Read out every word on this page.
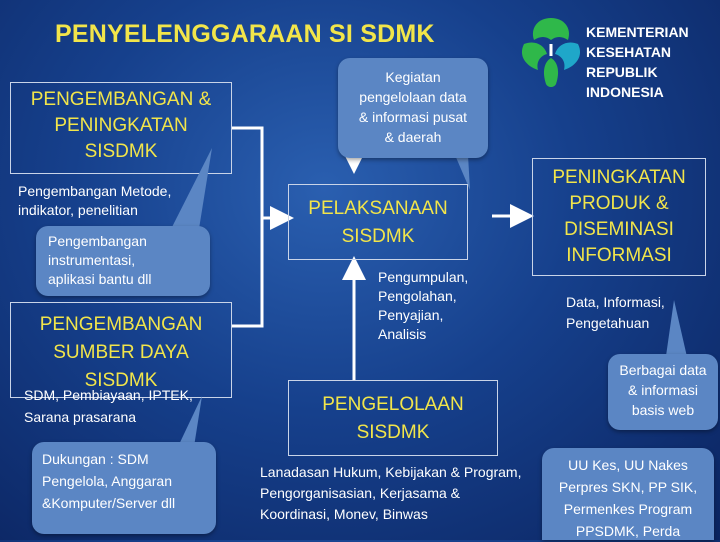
PENYELENGGARAAN SI SDMK	KEMENTERIAN
KESEHATAN
REPUBLIK
INDONESIA
PENGEMBANGAN &
PENINGKATAN
SISDMK
Pengembangan Metode,
indikator, penelitian
Pengembangan
instrumentasi,
aplikasi bantu dll
PENGEMBANGAN
SUMBER DAYA
SISDMK
SDM, Pembiayaan, IPTEK,
Sarana prasarana
Dukungan : SDM
Pengelola, Anggaran
&Komputer/Server dll
Kegiatan
pengelolaan data
& informasi pusat
& daerah
PELAKSANAAN
SISDMK
Pengumpulan,
Pengolahan,
Penyajian,
Analisis
PENGELOLAAN
SISDMK
Lanadasan Hukum, Kebijakan & Program,
Pengorganisasian, Kerjasama &
Koordinasi, Monev, Binwas
PENINGKATAN
PRODUK &
DISEMINASI
INFORMASI
Data, Informasi,
Pengetahuan
Berbagai data
& informasi
basis web
UU Kes, UU Nakes
Perpres SKN, PP SIK,
Permenkes Program
PPSDMK, Perda
